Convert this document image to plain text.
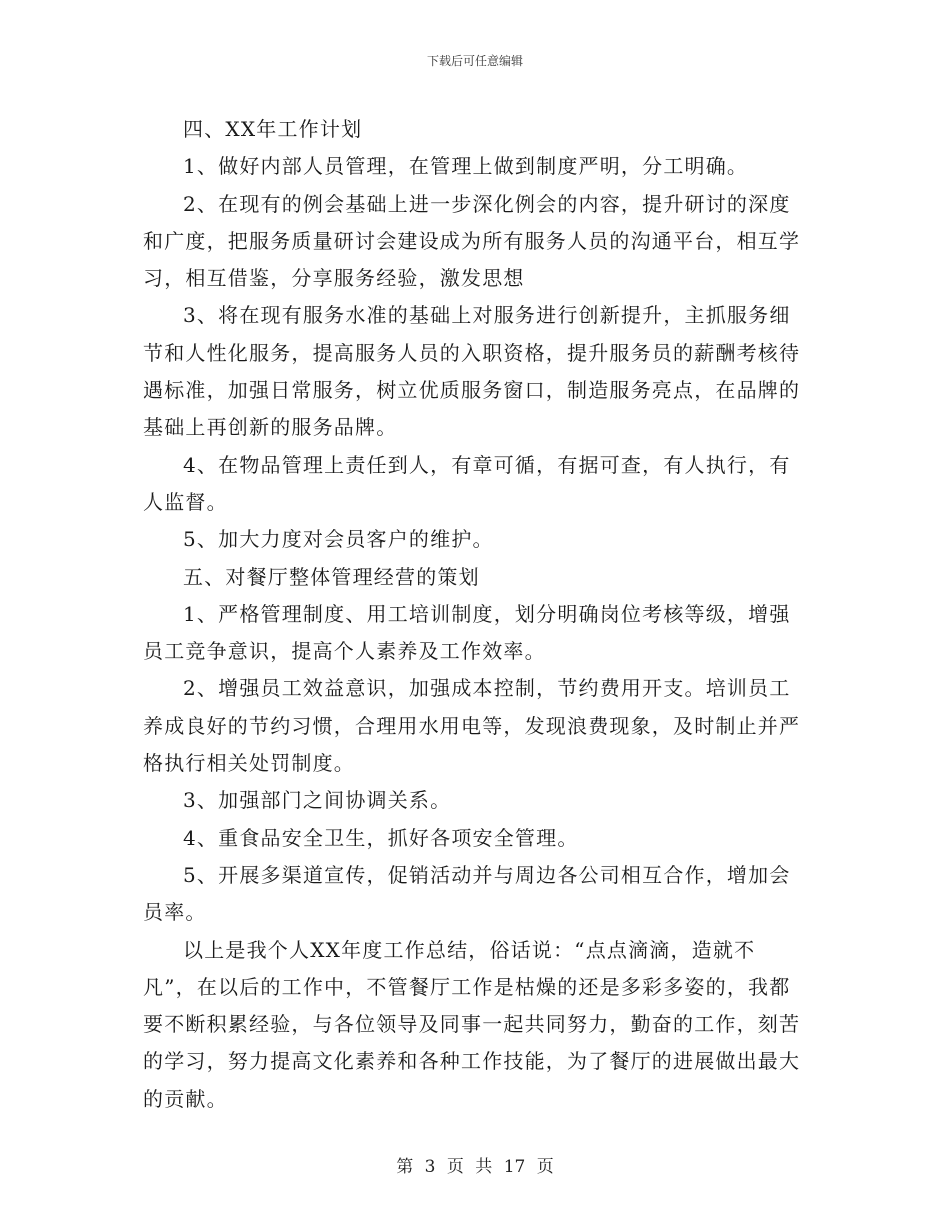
下载后可任意编辑

四、XX年工作计划

1、做好内部人员管理，在管理上做到制度严明，分工明确。

2、在现有的例会基础上进一步深化例会的内容，提升研讨的深度和广度，把服务质量研讨会建设成为所有服务人员的沟通平台，相互学习，相互借鉴，分享服务经验，激发思想

3、将在现有服务水准的基础上对服务进行创新提升，主抓服务细节和人性化服务，提高服务人员的入职资格，提升服务员的薪酬考核待遇标准，加强日常服务，树立优质服务窗口，制造服务亮点，在品牌的基础上再创新的服务品牌。

4、在物品管理上责任到人，有章可循，有据可查，有人执行，有人监督。

5、加大力度对会员客户的维护。

五、对餐厅整体管理经营的策划

1、严格管理制度、用工培训制度，划分明确岗位考核等级，增强员工竞争意识，提高个人素养及工作效率。

2、增强员工效益意识，加强成本控制，节约费用开支。培训员工养成良好的节约习惯，合理用水用电等，发现浪费现象，及时制止并严格执行相关处罚制度。

3、加强部门之间协调关系。

4、重食品安全卫生，抓好各项安全管理。

5、开展多渠道宣传，促销活动并与周边各公司相互合作，增加会员率。

以上是我个人XX年度工作总结，俗话说：“点点滴滴，造就不凡”，在以后的工作中，不管餐厅工作是枯燥的还是多彩多姿的，我都要不断积累经验，与各位领导及同事一起共同努力，勤奋的工作，刻苦的学习，努力提高文化素养和各种工作技能，为了餐厅的进展做出最大的贡献。

第 3 页 共 17 页
